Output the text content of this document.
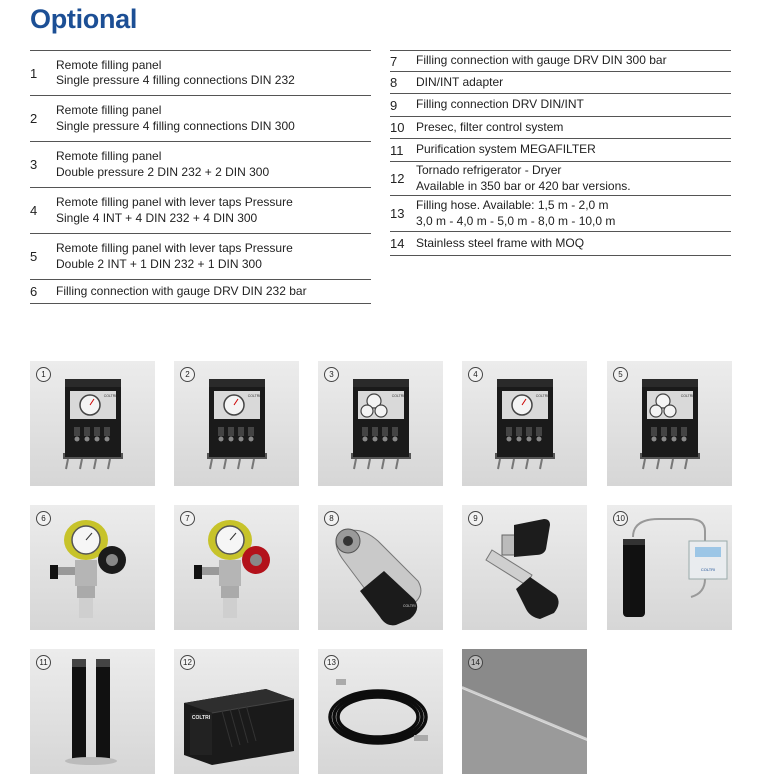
Optional
1
Remote filling panel
Single pressure 4 filling connections DIN 232
2
Remote filling panel
Single pressure 4 filling connections DIN 300
3
Remote filling panel
Double pressure 2 DIN 232 + 2 DIN 300
4
Remote filling panel with lever taps Pressure
Single 4 INT + 4 DIN 232 + 4 DIN 300
5
Remote filling panel with lever taps Pressure
Double 2 INT + 1 DIN 232 + 1 DIN 300
6	Filling connection with gauge DRV DIN 232 bar
7	Filling connection with gauge DRV DIN 300 bar
8	DIN/INT adapter
9	Filling connection DRV DIN/INT
10 Presec, filter control system
11	Purification system MEGAFILTER
12
Tornado refrigerator - Dryer
Available in 350 bar or 420 bar versions.
13
Filling hose. Available: 1,5 m - 2,0 m
3,0 m - 4,0 m - 5,0 m - 8,0 m - 10,0 m
14 Stainless steel frame with MOQ
COLTRI
1
COLTRI
2
COLTRI
3
COLTRI
4
COLTRI
5
6	7
COLTRI
8	9
COLTRI
10
11
COLTRI
12	13	14
